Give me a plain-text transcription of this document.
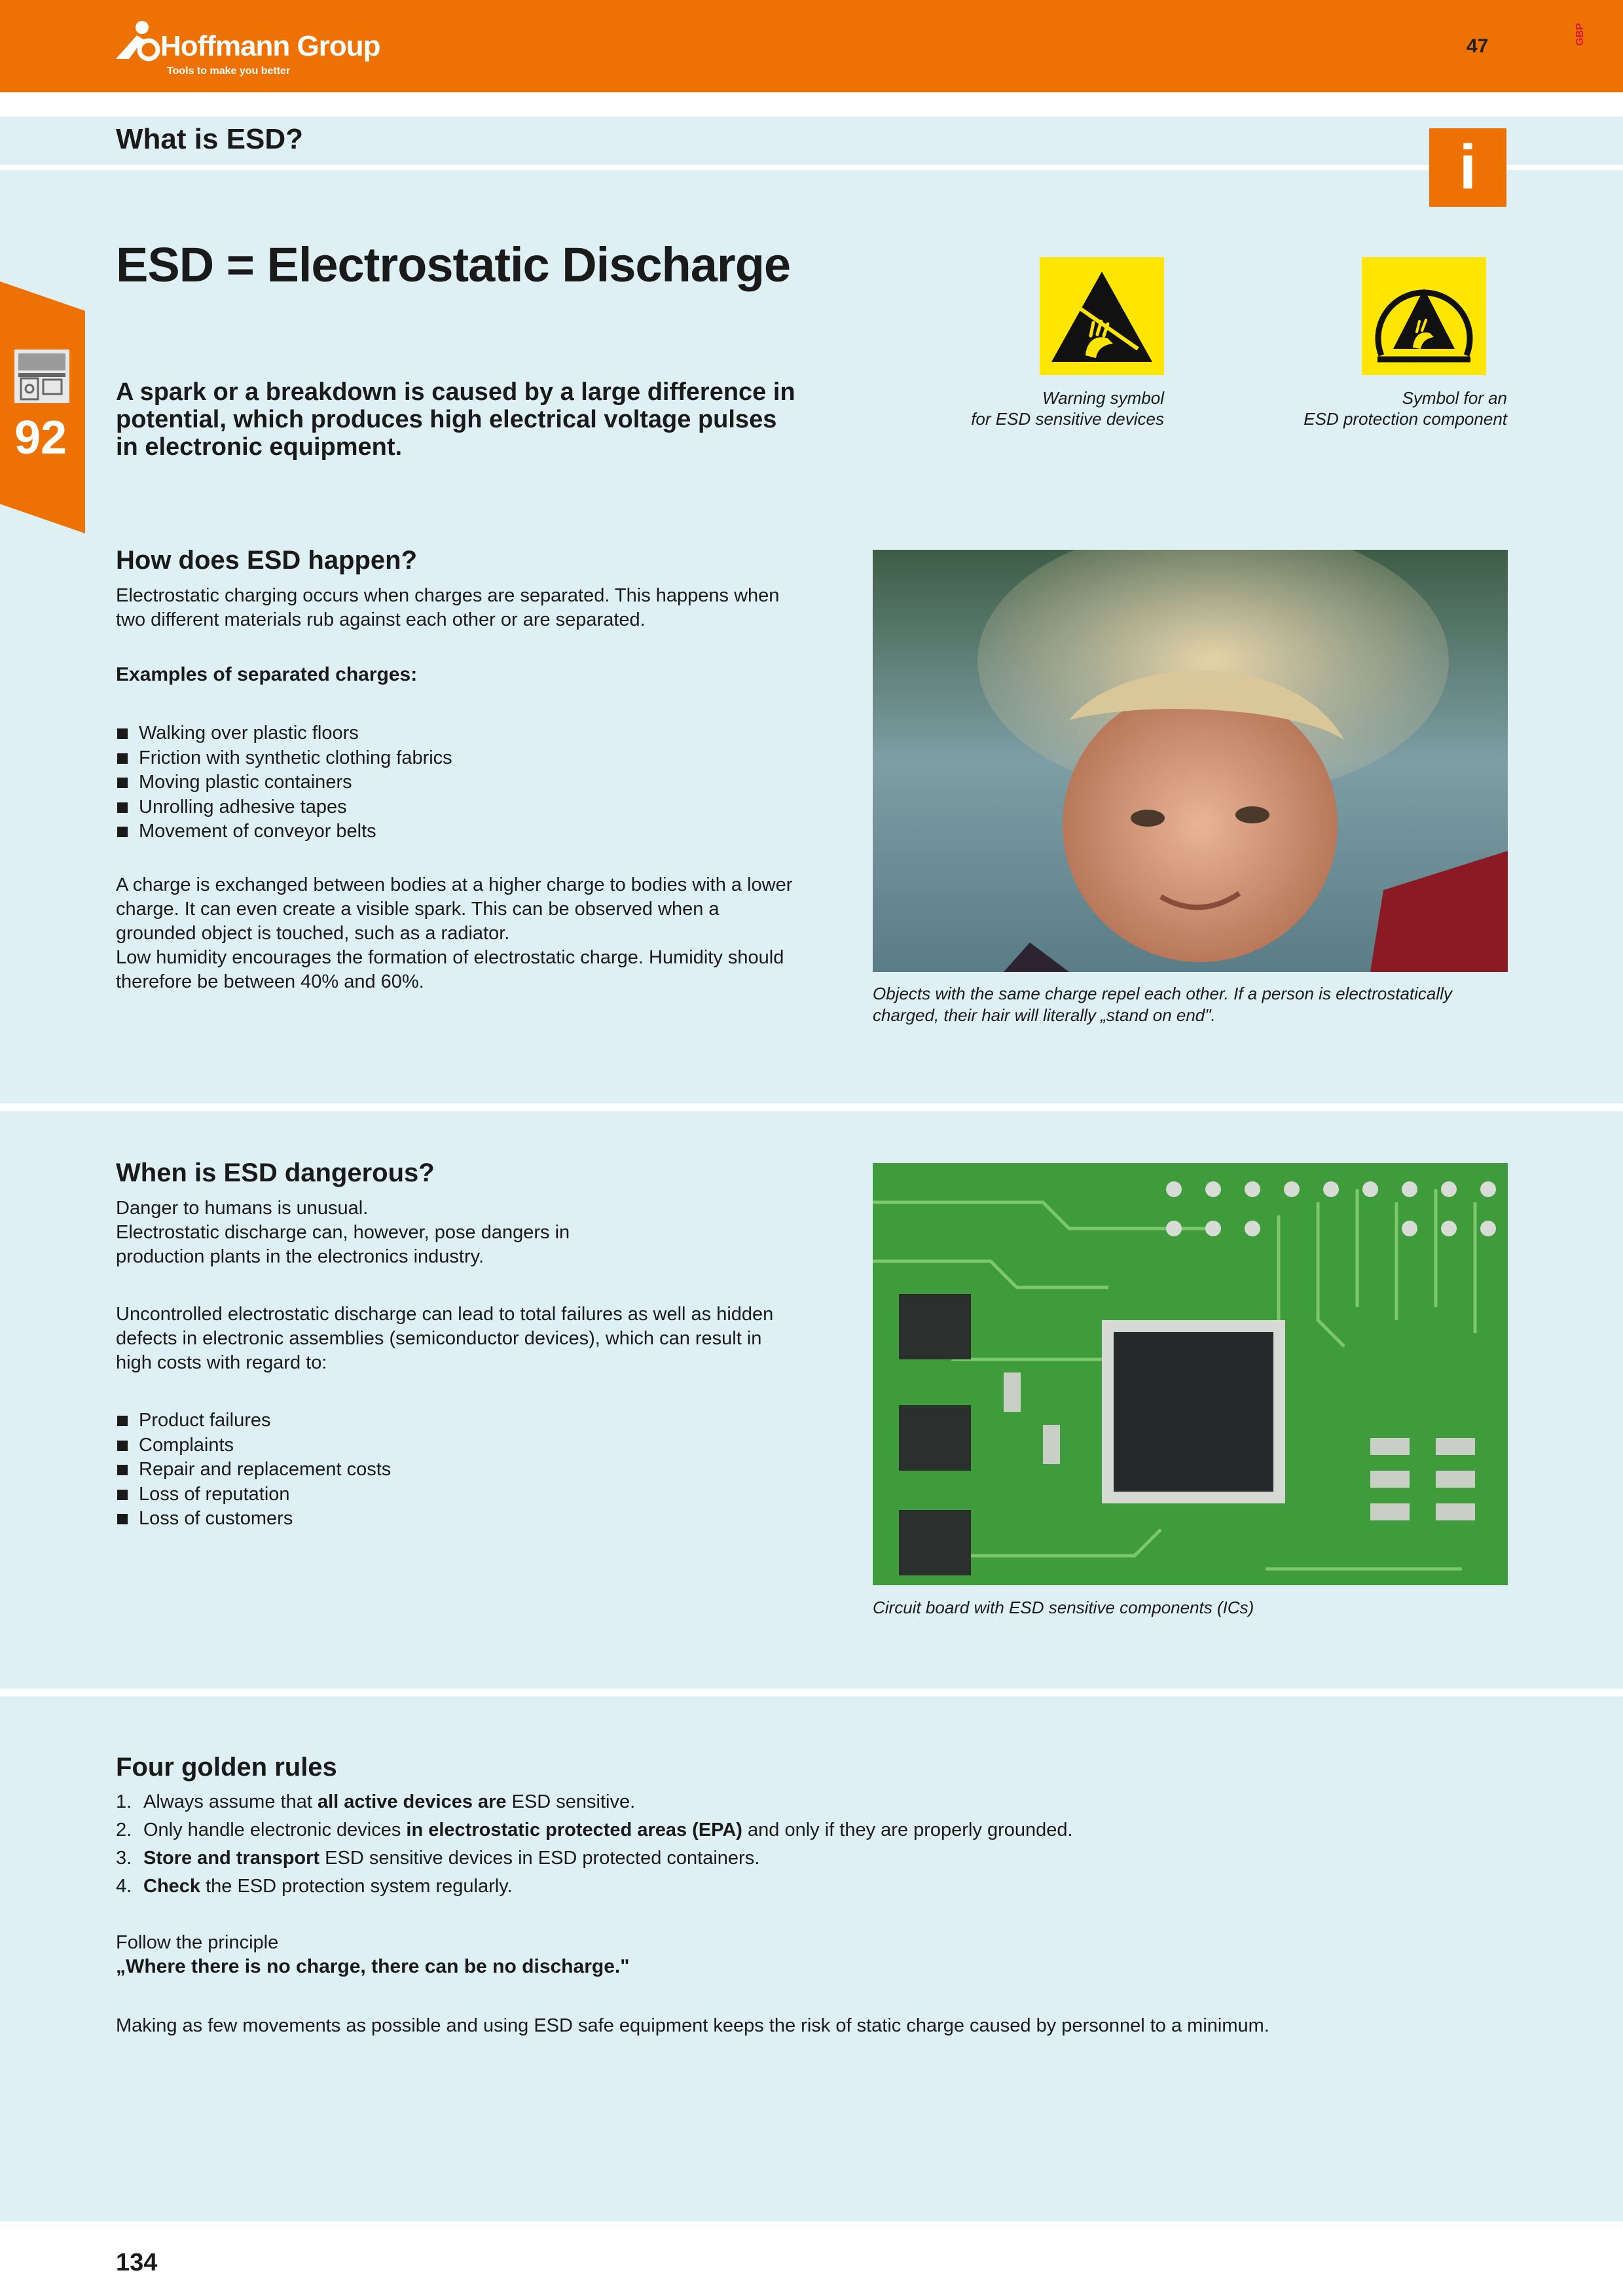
Hoffmann Group
Tools to make you better
47
GBP
What is ESD?	i
92
ESD = Electrostatic Discharge
A spark or a breakdown is caused by a large difference in potential, which produces high electrical voltage pulses in electronic equipment.
Warning symbol
for ESD sensitive devices
Symbol for an
ESD protection component
How does ESD happen?
Electrostatic charging occurs when charges are separated. This happens when two different materials rub against each other or are separated.
Examples of separated charges:
Walking over plastic floors
Friction with synthetic clothing fabrics
Moving plastic containers
Unrolling adhesive tapes
Movement of conveyor belts
A charge is exchanged between bodies at a higher charge to bodies with a lower charge. It can even create a visible spark. This can be observed when a grounded object is touched, such as a radiator.
Low humidity encourages the formation of electrostatic charge. Humidity should therefore be between 40% and 60%.
Objects with the same charge repel each other. If a person is electrostatically charged, their hair will literally „stand on end".
When is ESD dangerous?
Danger to humans is unusual.
Electrostatic discharge can, however, pose dangers in production plants in the electronics industry.
Uncontrolled electrostatic discharge can lead to total failures as well as hidden defects in electronic assemblies (semiconductor devices), which can result in high costs with regard to:
Product failures
Complaints
Repair and replacement costs
Loss of reputation
Loss of customers
Circuit board with ESD sensitive components (ICs)
Four golden rules
1. Always assume that all active devices are ESD sensitive.
2. Only handle electronic devices in electrostatic protected areas (EPA) and only if they are properly grounded.
3. Store and transport ESD sensitive devices in ESD protected containers.
4. Check the ESD protection system regularly.
Follow the principle
„Where there is no charge, there can be no discharge."
Making as few movements as possible and using ESD safe equipment keeps the risk of static charge caused by personnel to a minimum.
134
